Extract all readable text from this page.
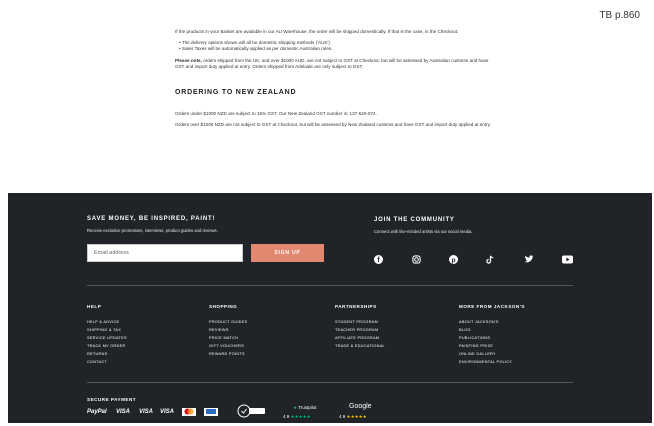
TB p.860

If the products in your Basket are available in our AU Warehouse, the order will be shipped domestically. If that is the case, in the Checkout:

• The delivery options shown will all be domestic shipping methods ('AUS')
• Sales Taxes will be automatically applied as per domestic Australian rules.

Please note, orders shipped from the UK, and over $1000 AUD, are not subject to GST at Checkout, but will be assessed by Australian customs and have GST and import duty applied at entry. Orders shipped from Adelaide are only subject to GST.

ORDERING TO NEW ZEALAND

Orders under $1000 NZD are subject to 15% GST. Our New Zealand GST number is: 137-520-974.

Orders over $1000 NZD are not subject to GST at Checkout, but will be assessed by New Zealand customs and have GST and import duty applied at entry.

SAVE MONEY, BE INSPIRED, PAINT!
Receive exclusive promotions, interviews, product guides and reviews.
Email address	SIGN UP
JOIN THE COMMUNITY
Connect with like-minded artists via our social media.
f	p
HELP
HELP & ADVICE
SHIPPING & TAX
SERVICE UPDATES
TRACK MY ORDER
RETURNS
CONTACT
SHOPPING
PRODUCT GUIDES
REVIEWS
PRICE MATCH
GIFT VOUCHERS
REWARD POINTS
PARTNERSHIPS
STUDENT PROGRAM
TEACHER PROGRAM
AFFILIATE PROGRAM
TRADE & EDUCATIONAL
MORE FROM JACKSON'S
ABOUT JACKSON'S
BLOG
PUBLICATIONS
PAINTING PRIZE
ONLINE GALLERY
ENVIRONMENTAL POLICY
SECURE PAYMENT
PayPal VISA VISA VISA
★ Trustpilot
4.9 ★★★★★
Google
4.9 ★★★★★
